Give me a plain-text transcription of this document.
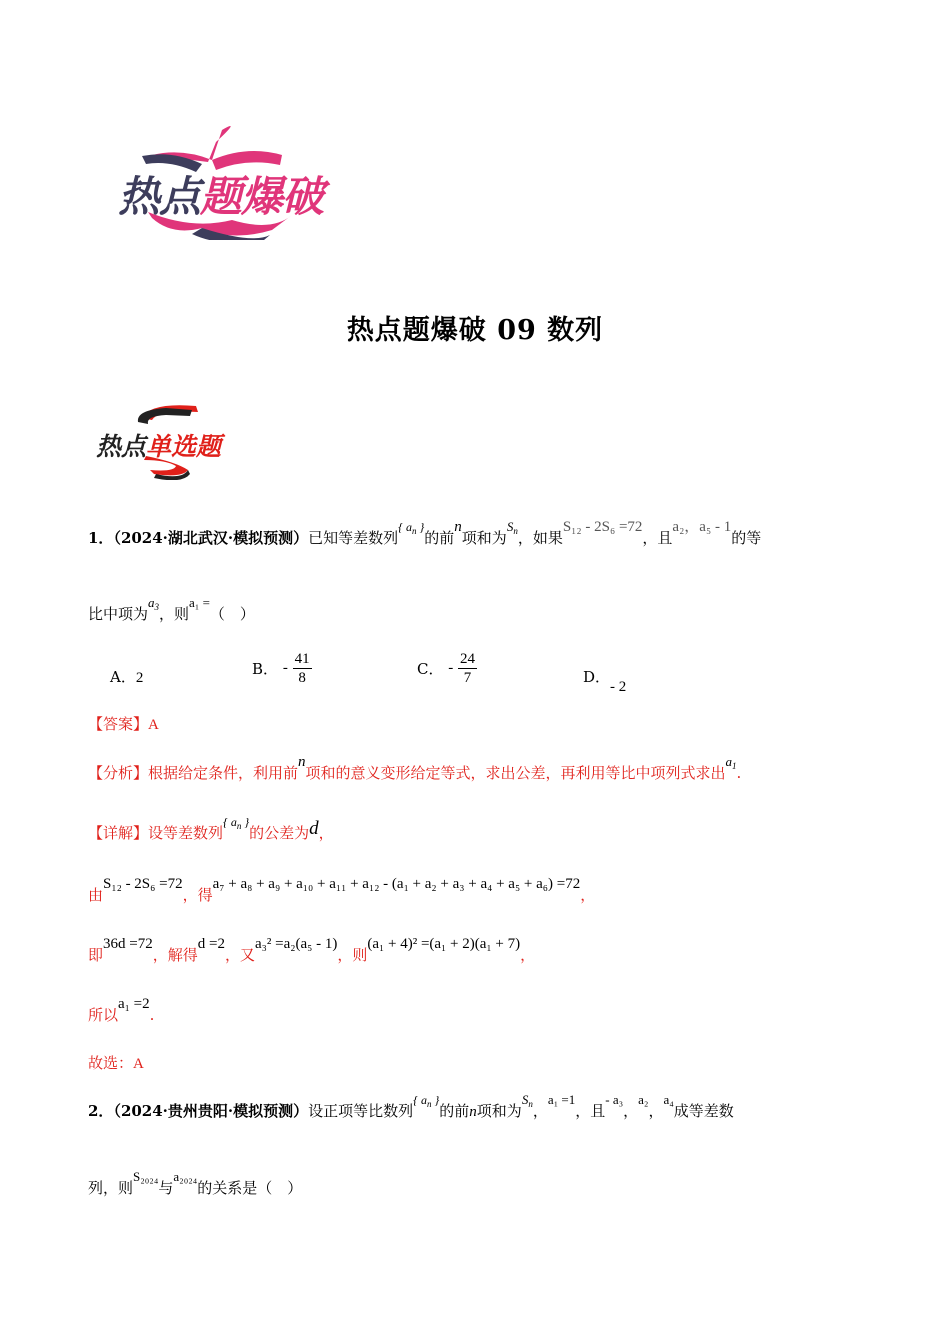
热点题爆破
热点题爆破 09 数列
热点单选题
1．（2024·湖北武汉·模拟预测）已知等差数列$^{\{ a_n \}}$的前n项和为$S_n$，如果S₁₂ - 2S₆ =72，且a₂，a₅ - 1的等
比中项为$a_3$，则a₁ =（　）
A．2	B． - $\frac{41}{8}$	C． - $\frac{24}{7}$	D．- 2
【答案】A
【分析】根据给定条件，利用前n项和的意义变形给定等式，求出公差，再利用等比中项列式求出$a_1$.
【详解】设等差数列$^{\{ a_n \}}$的公差为d，
由S₁₂ - 2S₆ =72，得a₇ + a₈ + a₉ + a₁₀ + a₁₁ + a₁₂ - (a₁ + a₂ + a₃ + a₄ + a₅ + a₆) =72，
即36d =72，解得d =2，又a₃² =a₂(a₅ - 1)，则(a₁ + 4)² =(a₁ + 2)(a₁ + 7)，
所以a₁ =2.
故选：A
2．（2024·贵州贵阳·模拟预测）设正项等比数列$^{\{ a_n \}}$的前n项和为$S_n$，a₁ =1，且- a₃，a₂，a₄成等差数
列，则S₂₀₂₄与a₂₀₂₄的关系是（　）
